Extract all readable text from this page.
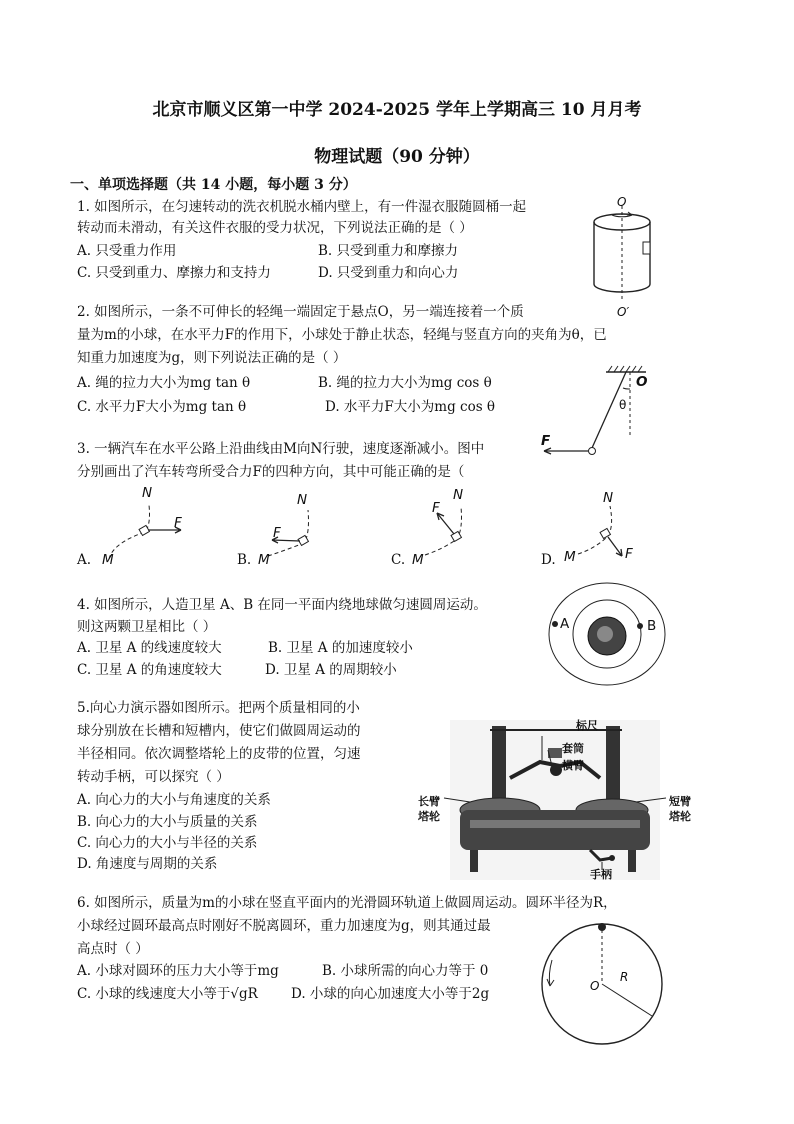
北京市顺义区第一中学 2024-2025 学年上学期高三 10 月月考
物理试题（90 分钟）
一、单项选择题（共 14 小题，每小题 3 分）
1. 如图所示，在匀速转动的洗衣机脱水桶内壁上，有一件湿衣服随圆桶一起
转动而未滑动，有关这件衣服的受力状况，下列说法正确的是（ ）
A. 只受重力作用	B. 只受到重力和摩擦力
C. 只受到重力、摩擦力和支持力	D. 只受到重力和向心力
O
O′
2. 如图所示，一条不可伸长的轻绳一端固定于悬点O，另一端连接着一个质
量为m的小球，在水平力F的作用下，小球处于静止状态，轻绳与竖直方向的夹角为θ，已
知重力加速度为g，则下列说法正确的是（ ）
A. 绳的拉力大小为mg tan θ	B. 绳的拉力大小为mg cos θ
C. 水平力F大小为mg tan θ	D. 水平力F大小为mg cos θ
O
θ
F
3. 一辆汽车在水平公路上沿曲线由M向N行驶，速度逐渐减小。图中
分别画出了汽车转弯所受合力F的四种方向，其中可能正确的是（
A. M
N
F
B. M
N
F
C. M
N
F
D. M
N
F
4. 如图所示，人造卫星 A、B 在同一平面内绕地球做匀速圆周运动。
则这两颗卫星相比（ ）
A. 卫星 A 的线速度较大	B. 卫星 A 的加速度较小
C. 卫星 A 的角速度较大	D. 卫星 A 的周期较小
A	B
5.向心力演示器如图所示。把两个质量相同的小
球分别放在长槽和短槽内，使它们做圆周运动的
半径相同。依次调整塔轮上的皮带的位置，匀速
转动手柄，可以探究（ ）
A. 向心力的大小与角速度的关系
B. 向心力的大小与质量的关系
C. 向心力的大小与半径的关系
D. 角速度与周期的关系
标尺
套筒
横臂
长臂
塔轮
短臂
塔轮
手柄
6. 如图所示，质量为m的小球在竖直平面内的光滑圆环轨道上做圆周运动。圆环半径为R，
小球经过圆环最高点时刚好不脱离圆环，重力加速度为g，则其通过最
高点时（ ）
A. 小球对圆环的压力大小等于mg	B. 小球所需的向心力等于 0
C. 小球的线速度大小等于√gR D. 小球的向心加速度大小等于2g	O
R
